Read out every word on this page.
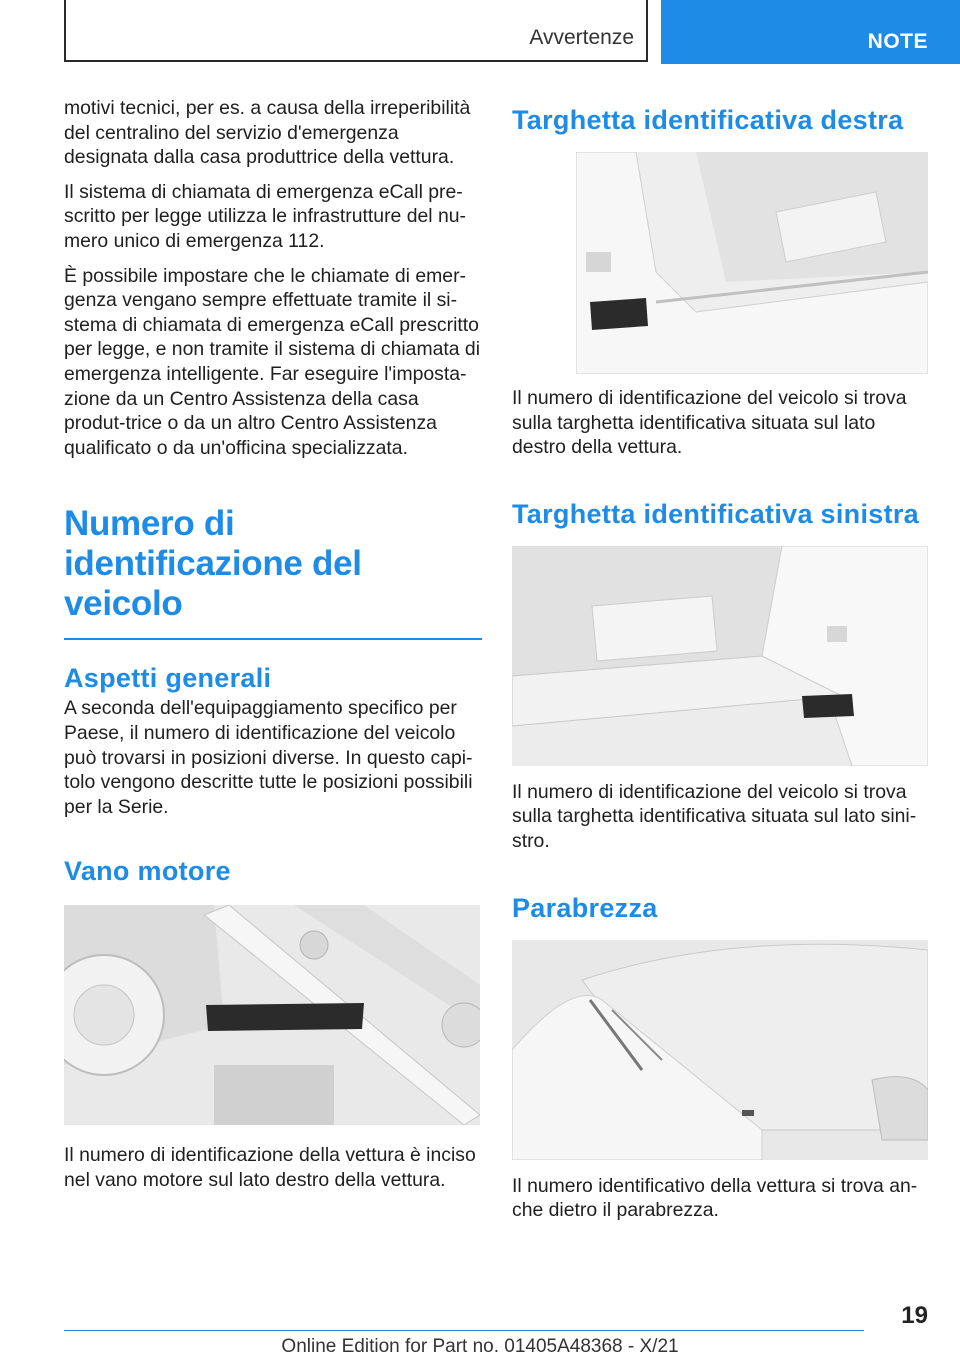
Avvertenze	NOTE

motivi tecnici, per es. a causa della irreperibilità del centralino del servizio d'emergenza designata dalla casa produttrice della vettura.

Il sistema di chiamata di emergenza eCall pre-scritto per legge utilizza le infrastrutture del nu-mero unico di emergenza 112.

È possibile impostare che le chiamate di emer-genza vengano sempre effettuate tramite il si-stema di chiamata di emergenza eCall prescritto per legge, e non tramite il sistema di chiamata di emergenza intelligente. Far eseguire l'imposta-zione da un Centro Assistenza della casa produt-trice o da un altro Centro Assistenza qualificato o da un'officina specializzata.

Numero di identificazione del veicolo
Aspetti generali

A seconda dell'equipaggiamento specifico per Paese, il numero di identificazione del veicolo può trovarsi in posizioni diverse. In questo capi-tolo vengono descritte tutte le posizioni possibili per la Serie.

Vano motore

Il numero di identificazione della vettura è inciso nel vano motore sul lato destro della vettura.

Targhetta identificativa destra

Il numero di identificazione del veicolo si trova sulla targhetta identificativa situata sul lato destro della vettura.

Targhetta identificativa sinistra

Il numero di identificazione del veicolo si trova sulla targhetta identificativa situata sul lato sini-stro.

Parabrezza

Il numero identificativo della vettura si trova an-che dietro il parabrezza.

19
Online Edition for Part no. 01405A48368 - X/21
